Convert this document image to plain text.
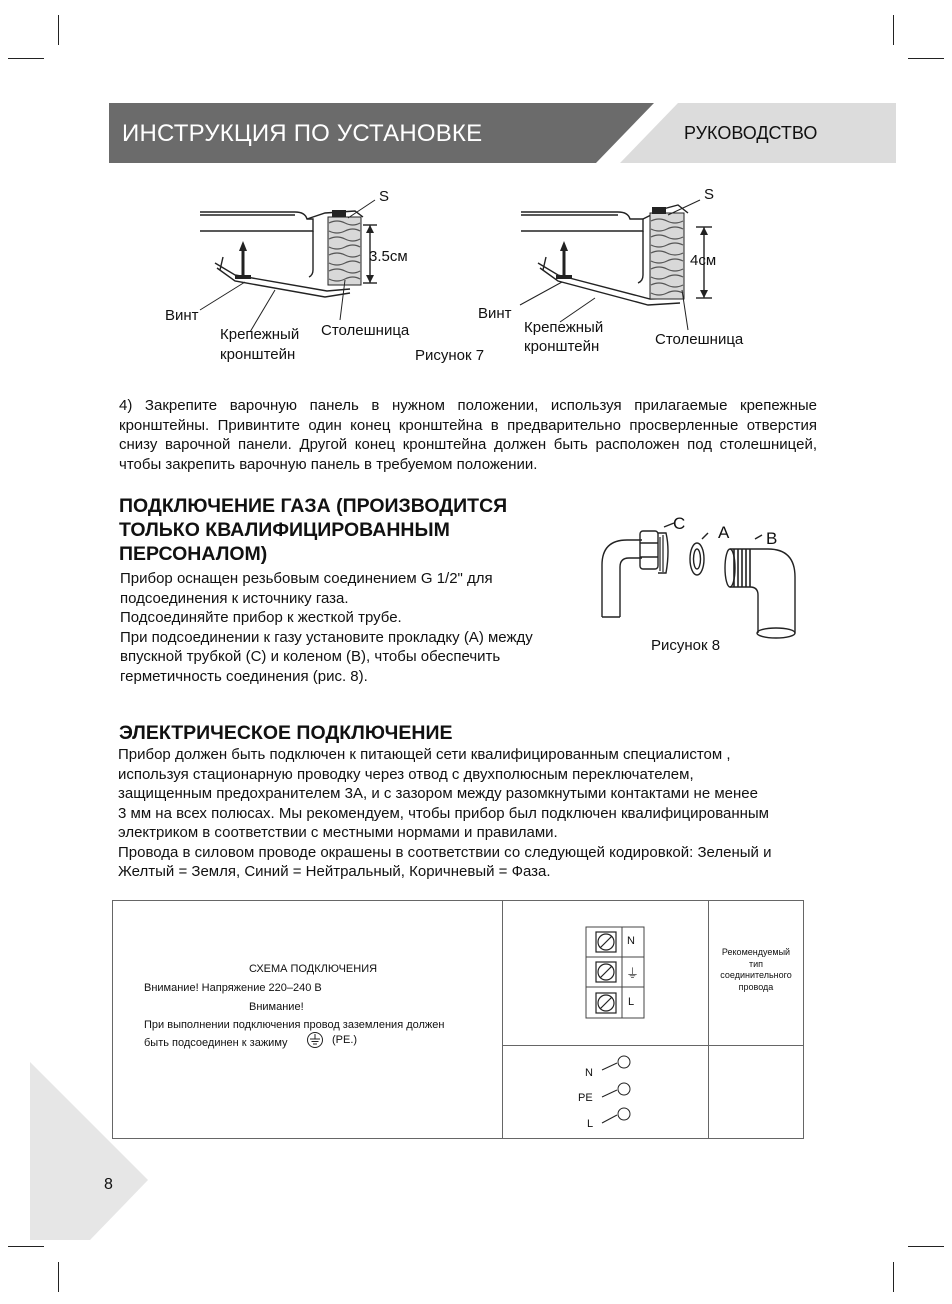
ИНСТРУКЦИЯ ПО УСТАНОВКЕ	РУКОВОДСТВО
S
3.5см
Винт
Крепежный
кронштейн
Столешница
Рисунок 7
S
4см
Винт
Крепежный
кронштейн	Столешница
4) Закрепите варочную панель в нужном положении, используя прилагаемые крепежные кронштейны. Привинтите один конец кронштейна в предварительно просверленные отверстия снизу варочной панели. Другой конец кронштейна должен быть расположен под столешницей, чтобы закрепить варочную панель в требуемом положении.
ПОДКЛЮЧЕНИЕ ГАЗА (ПРОИЗВОДИТСЯ
ТОЛЬКО КВАЛИФИЦИРОВАННЫМ
ПЕРСОНАЛОМ)
Прибор оснащен резьбовым соединением G 1/2" для
подсоединения к источнику газа.
Подсоединяйте прибор к жесткой трубе.
При подсоединении к газу установите прокладку (A) между
впускной трубкой (C) и коленом (B), чтобы обеспечить
герметичность соединения (рис. 8).
C A B
Рисунок 8
ЭЛЕКТРИЧЕСКОЕ ПОДКЛЮЧЕНИЕ
Прибор должен быть подключен к питающей сети квалифицированным специалистом ,
используя стационарную проводку через отвод с двухполюсным переключателем,
защищенным предохранителем 3А, и с зазором между разомкнутыми контактами не менее
3 мм на всех полюсах. Мы рекомендуем, чтобы прибор был подключен квалифицированным
электриком в соответствии с местными нормами и правилами.
Провода в силовом проводе окрашены в соответствии со следующей кодировкой: Зеленый и
Желтый = Земля, Синий = Нейтральный, Коричневый = Фаза.
СХЕМА ПОДКЛЮЧЕНИЯ
Внимание! Напряжение 220–240 В
Внимание!
При выполнении подключения провод заземления должен
быть подсоединен к зажиму	(PE.)
N
⏚
L
Рекомендуемый
тип
соединительного
провода
N
PE
L
8
